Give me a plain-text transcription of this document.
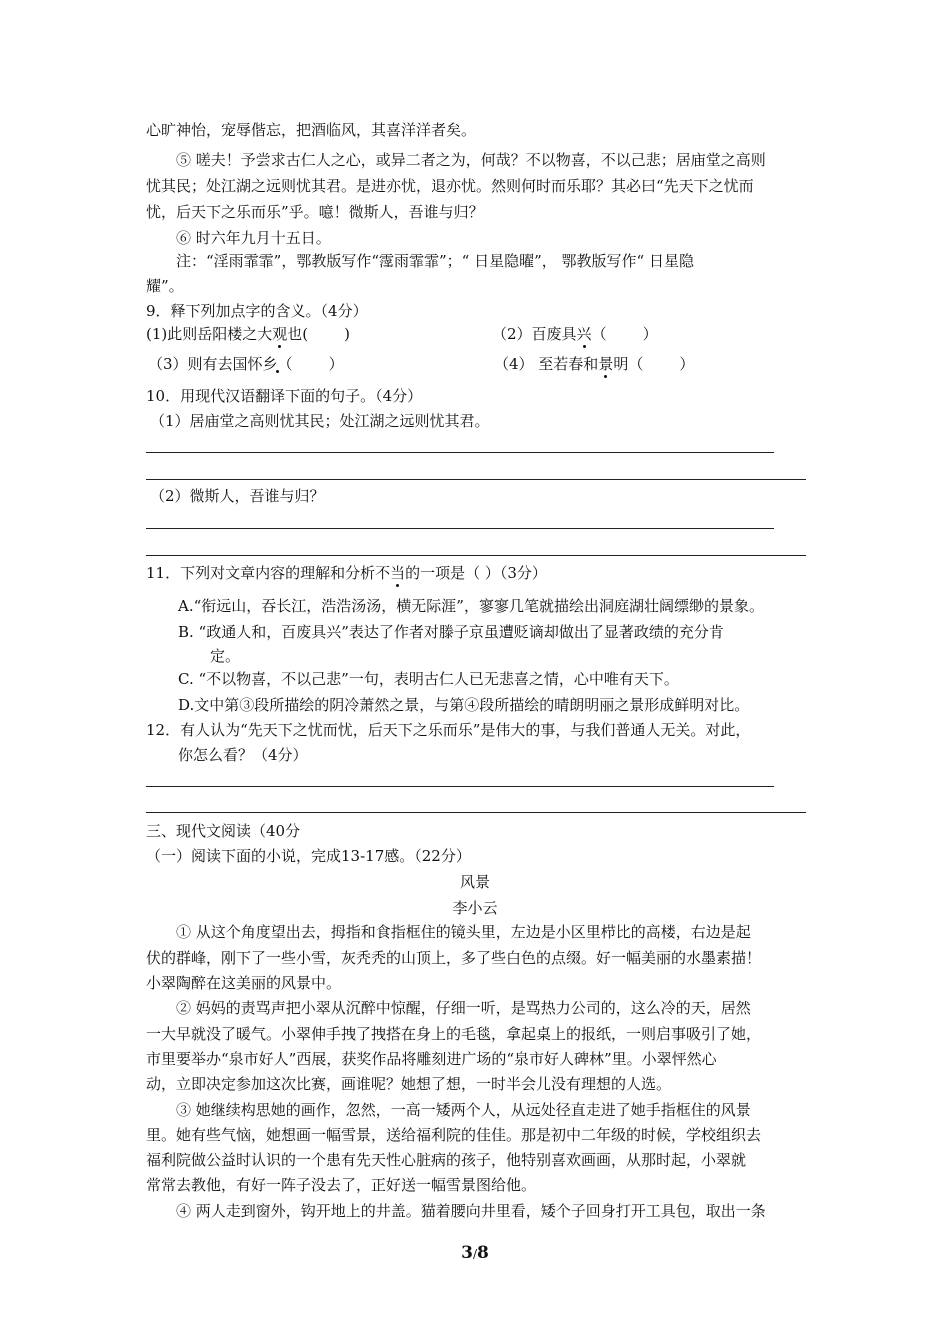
心旷神怡，宠辱偕忘，把酒临风，其喜洋洋者矣。
⑤ 嗟夫！予尝求古仁人之心，或异二者之为，何哉？不以物喜，不以己悲；居庙堂之高则
忧其民；处江湖之远则忧其君。是进亦忧，退亦忧。然则何时而乐耶？其必曰“先天下之忧而
忧，后天下之乐而乐”乎。噫！微斯人，吾谁与归？
⑥ 时六年九月十五日。
注：“淫雨霏霏”，鄂教版写作“霪雨霏霏”；“ 日星隐曜”， 鄂教版写作“ 日星隐
耀”。
9．释下列加点字的含义。（4分）
(1)此则岳阳楼之大观也( )	（2）百废具兴（ ）
（3）则有去国怀乡（ ）	（4） 至若春和景明（ ）
10．用现代汉语翻译下面的句子。（4分）
（1）居庙堂之高则忧其民；处江湖之远则忧其君。
（2）微斯人，吾谁与归？
11．下列对文章内容的理解和分析不当的一项是（ ）（3分）
A.“衔远山，吞长江，浩浩汤汤，横无际涯”，寥寥几笔就描绘出洞庭湖壮阔缥缈的景象。
B. “政通人和，百废具兴”表达了作者对滕子京虽遭贬谪却做出了显著政绩的充分肯
定。
C. “不以物喜，不以己悲”一句，表明古仁人已无悲喜之情，心中唯有天下。
D.文中第③段所描绘的阴冷萧然之景，与第④段所描绘的晴朗明丽之景形成鲜明对比。
12．有人认为“先天下之忧而忧，后天下之乐而乐”是伟大的事，与我们普通人无关。对此，
你怎么看？（4分）
三、现代文阅读（40分
（一）阅读下面的小说，完成13-17感。（22分）
风景
李小云
① 从这个角度望出去，拇指和食指框住的镜头里，左边是小区里栉比的高楼，右边是起
伏的群峰，刚下了一些小雪，灰秃秃的山顶上，多了些白色的点缀。好一幅美丽的水墨素描！
小翠陶醉在这美丽的风景中。
② 妈妈的责骂声把小翠从沉醉中惊醒，仔细一听，是骂热力公司的，这么冷的天，居然
一大早就没了暖气。小翠伸手拽了拽搭在身上的毛毯，拿起桌上的报纸，一则启事吸引了她，
市里要举办“泉市好人”西展，获奖作品将雕刻进广场的“泉市好人碑林”里。小翠怦然心
动，立即决定参加这次比赛，画谁呢？她想了想，一时半会儿没有理想的人选。
③ 她继续构思她的画作，忽然，一高一矮两个人，从远处径直走进了她手指框住的风景
里。她有些气恼，她想画一幅雪景，送给福利院的佳佳。那是初中二年级的时候，学校组织去
福利院做公益时认识的一个患有先天性心脏病的孩子，他特别喜欢画画，从那时起，小翠就
常常去教他，有好一阵子没去了，正好送一幅雪景图给他。
④ 两人走到窗外，钩开地上的井盖。猫着腰向井里看，矮个子回身打开工具包，取出一条
3/8
